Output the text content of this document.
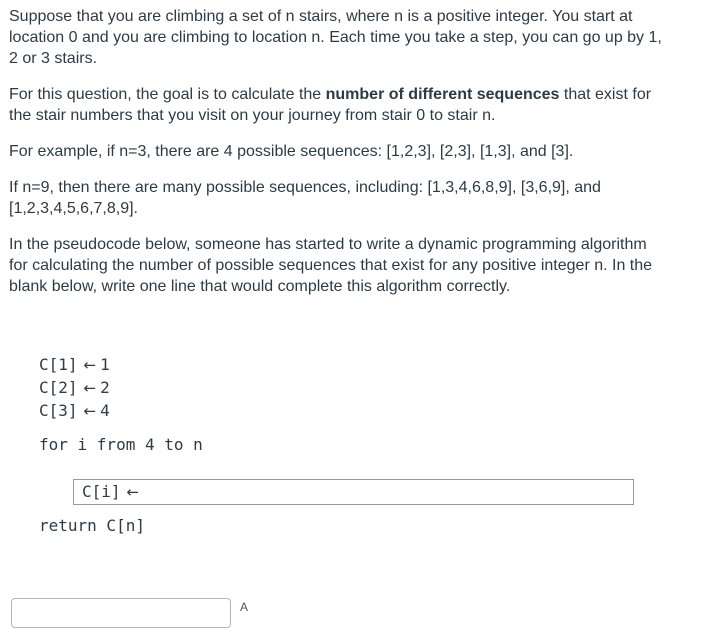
Suppose that you are climbing a set of n stairs, where n is a positive integer. You start at location 0 and you are climbing to location n. Each time you take a step, you can go up by 1, 2 or 3 stairs.

For this question, the goal is to calculate the number of different sequences that exist for the stair numbers that you visit on your journey from stair 0 to stair n.

For example, if n=3, there are 4 possible sequences: [1,2,3], [2,3], [1,3], and [3].

If n=9, then there are many possible sequences, including: [1,3,4,6,8,9], [3,6,9], and [1,2,3,4,5,6,7,8,9].

In the pseudocode below, someone has started to write a dynamic programming algorithm for calculating the number of possible sequences that exist for any positive integer n. In the blank below, write one line that would complete this algorithm correctly.

C[1] ← 1
C[2] ← 2
C[3] ← 4
for i from 4 to n
C[i] ←
return C[n]
A
